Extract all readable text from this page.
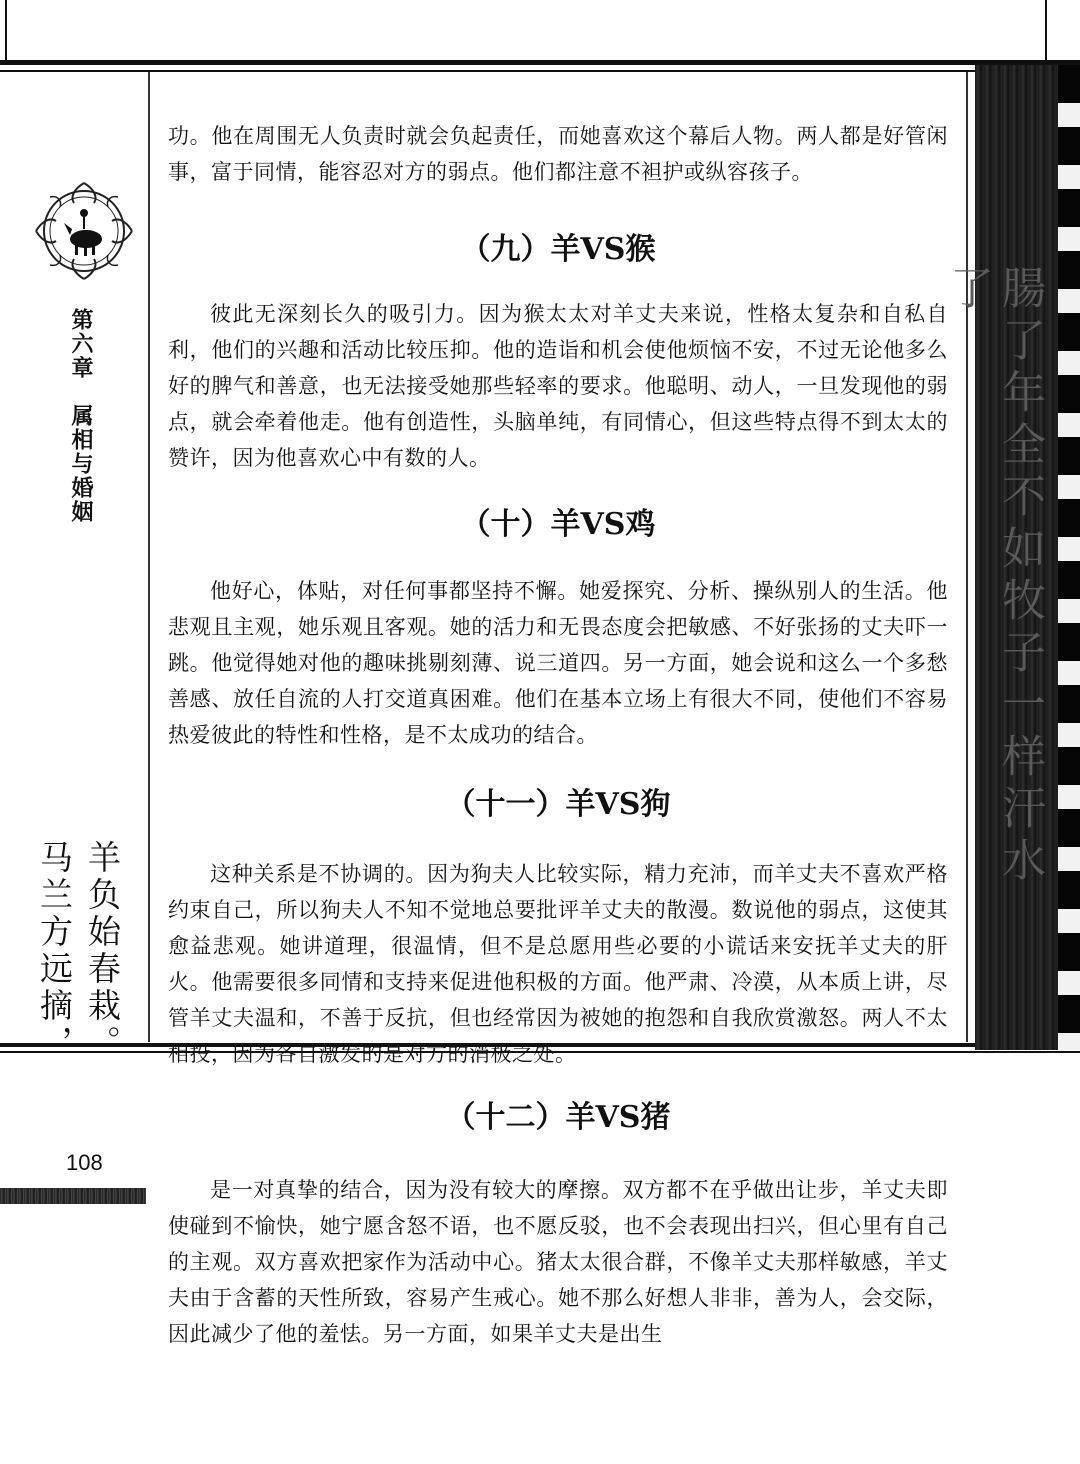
腸了年全不如牧子一样汗水了
第六章　属相与婚姻
羊负始春栽。
马兰方远摘，
108

功。他在周围无人负责时就会负起责任，而她喜欢这个幕后人物。两人都是好管闲事，富于同情，能容忍对方的弱点。他们都注意不袒护或纵容孩子。

（九）羊VS猴

彼此无深刻长久的吸引力。因为猴太太对羊丈夫来说，性格太复杂和自私自利，他们的兴趣和活动比较压抑。他的造诣和机会使他烦恼不安，不过无论他多么好的脾气和善意，也无法接受她那些轻率的要求。他聪明、动人，一旦发现他的弱点，就会牵着他走。他有创造性，头脑单纯，有同情心，但这些特点得不到太太的赞许，因为他喜欢心中有数的人。

（十）羊VS鸡

他好心，体贴，对任何事都坚持不懈。她爱探究、分析、操纵别人的生活。他悲观且主观，她乐观且客观。她的活力和无畏态度会把敏感、不好张扬的丈夫吓一跳。他觉得她对他的趣味挑剔刻薄、说三道四。另一方面，她会说和这么一个多愁善感、放任自流的人打交道真困难。他们在基本立场上有很大不同，使他们不容易热爱彼此的特性和性格，是不太成功的结合。

（十一）羊VS狗

这种关系是不协调的。因为狗夫人比较实际，精力充沛，而羊丈夫不喜欢严格约束自己，所以狗夫人不知不觉地总要批评羊丈夫的散漫。数说他的弱点，这使其愈益悲观。她讲道理，很温情，但不是总愿用些必要的小谎话来安抚羊丈夫的肝火。他需要很多同情和支持来促进他积极的方面。他严肃、冷漠，从本质上讲，尽管羊丈夫温和，不善于反抗，但也经常因为被她的抱怨和自我欣赏激怒。两人不太相投，因为各自激发的是对方的消极之处。

（十二）羊VS猪

是一对真挚的结合，因为没有较大的摩擦。双方都不在乎做出让步，羊丈夫即使碰到不愉快，她宁愿含怒不语，也不愿反驳，也不会表现出扫兴，但心里有自己的主观。双方喜欢把家作为活动中心。猪太太很合群，不像羊丈夫那样敏感，羊丈夫由于含蓄的天性所致，容易产生戒心。她不那么好想人非非，善为人，会交际，因此减少了他的羞怯。另一方面，如果羊丈夫是出生
